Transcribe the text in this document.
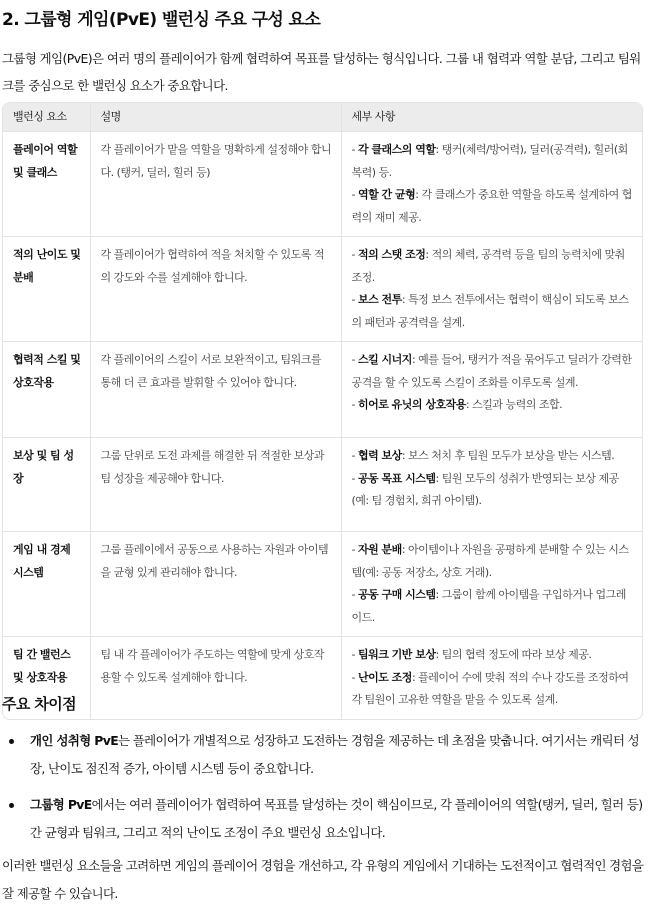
2. 그룹형 게임(PvE) 밸런싱 주요 구성 요소

그룹형 게임(PvE)은 여러 명의 플레이어가 함께 협력하여 목표를 달성하는 형식입니다. 그룹 내 협력과 역할 분담, 그리고 팀워크를 중심으로 한 밸런싱 요소가 중요합니다.

밸런싱 요소	설명	세부 사항
플레이어 역할 및 클래스	각 플레이어가 맡을 역할을 명확하게 설정해야 합니다. (탱커, 딜러, 힐러 등)	- 각 클래스의 역할: 탱커(체력/방어력), 딜러(공격력), 힐러(회복력) 등.
- 역할 간 균형: 각 클래스가 중요한 역할을 하도록 설계하여 협력의 재미 제공.
적의 난이도 및 분배	각 플레이어가 협력하여 적을 처치할 수 있도록 적의 강도와 수를 설계해야 합니다.	- 적의 스탯 조정: 적의 체력, 공격력 등을 팀의 능력치에 맞춰 조정.
- 보스 전투: 특정 보스 전투에서는 협력이 핵심이 되도록 보스의 패턴과 공격력을 설계.
협력적 스킬 및 상호작용	각 플레이어의 스킬이 서로 보완적이고, 팀워크를 통해 더 큰 효과를 발휘할 수 있어야 합니다.	- 스킬 시너지: 예를 들어, 탱커가 적을 묶어두고 딜러가 강력한 공격을 할 수 있도록 스킬이 조화를 이루도록 설계.
- 히어로 유닛의 상호작용: 스킬과 능력의 조합.
보상 및 팀 성장	그룹 단위로 도전 과제를 해결한 뒤 적절한 보상과 팀 성장을 제공해야 합니다.	- 협력 보상: 보스 처치 후 팀원 모두가 보상을 받는 시스템.
- 공동 목표 시스템: 팀원 모두의 성취가 반영되는 보상 제공 (예: 팀 경험치, 희귀 아이템).
게임 내 경제 시스템	그룹 플레이에서 공동으로 사용하는 자원과 아이템을 균형 있게 관리해야 합니다.	- 자원 분배: 아이템이나 자원을 공평하게 분배할 수 있는 시스템(예: 공동 저장소, 상호 거래).
- 공동 구매 시스템: 그룹이 함께 아이템을 구입하거나 업그레이드.
팀 간 밸런스 및 상호작용	팀 내 각 플레이어가 주도하는 역할에 맞게 상호작용할 수 있도록 설계해야 합니다.	- 팀워크 기반 보상: 팀의 협력 정도에 따라 보상 제공.
- 난이도 조정: 플레이어 수에 맞춰 적의 수나 강도를 조정하여 각 팀원이 고유한 역할을 맡을 수 있도록 설계.
주요 차이점
개인 성취형 PvE는 플레이어가 개별적으로 성장하고 도전하는 경험을 제공하는 데 초점을 맞춥니다. 여기서는 캐릭터 성장, 난이도 점진적 증가, 아이템 시스템 등이 중요합니다.
그룹형 PvE에서는 여러 플레이어가 협력하여 목표를 달성하는 것이 핵심이므로, 각 플레이어의 역할(탱커, 딜러, 힐러 등) 간 균형과 팀워크, 그리고 적의 난이도 조정이 주요 밸런싱 요소입니다.

이러한 밸런싱 요소들을 고려하면 게임의 플레이어 경험을 개선하고, 각 유형의 게임에서 기대하는 도전적이고 협력적인 경험을 잘 제공할 수 있습니다.
